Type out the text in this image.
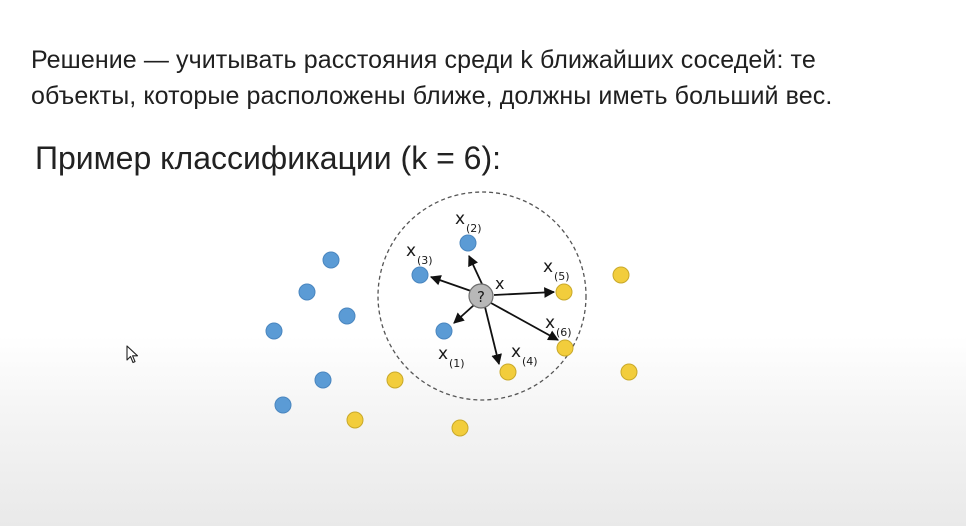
Решение — учитывать расстояния среди k ближайших соседей: те
объекты, которые расположены ближе, должны иметь больший вес.
Пример классификации (k = 6):
?
x
x (2)
x (3)	x (5)
x (6)
x (1)
x (4)
